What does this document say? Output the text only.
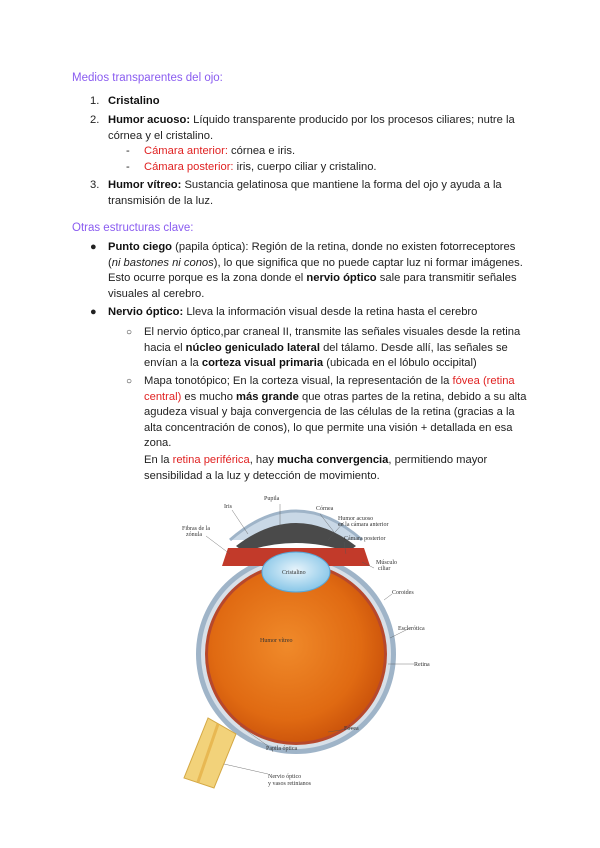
Medios transparentes del ojo:
1. Cristalino
2. Humor acuoso: Líquido transparente producido por los procesos ciliares; nutre la córnea y el cristalino.
- Cámara anterior: córnea e iris.
- Cámara posterior: iris, cuerpo ciliar y cristalino.
3. Humor vítreo: Sustancia gelatinosa que mantiene la forma del ojo y ayuda a la transmisión de la luz.
Otras estructuras clave:
● Punto ciego (papila óptica): Región de la retina, donde no existen fotorreceptores (ni bastones ni conos), lo que significa que no puede captar luz ni formar imágenes. Esto ocurre porque es la zona donde el nervio óptico sale para transmitir señales visuales al cerebro.
● Nervio óptico: Lleva la información visual desde la retina hasta el cerebro
○ El nervio óptico,par craneal II, transmite las señales visuales desde la retina hacia el núcleo geniculado lateral del tálamo. Desde allí, las señales se envían a la corteza visual primaria (ubicada en el lóbulo occipital)
○ Mapa tonotópico; En la corteza visual, la representación de la fóvea (retina central) es mucho más grande que otras partes de la retina, debido a su alta agudeza visual y baja convergencia de las células de la retina (gracias a la alta concentración de conos), lo que permite una visión + detallada en esa zona.
En la retina periférica, hay mucha convergencia, permitiendo mayor sensibilidad a la luz y detección de movimiento.
Pupila
Córnea
Iris
Humor acuoso
en la cámara anterior
Fibras de la
zónula
Cámara posterior
Músculo
ciliar
Cristalino
Coroides
Esclerótica
Humor vítreo
Retina
Fóvea
Papila óptica
Nervio óptico
y vasos retinianos
